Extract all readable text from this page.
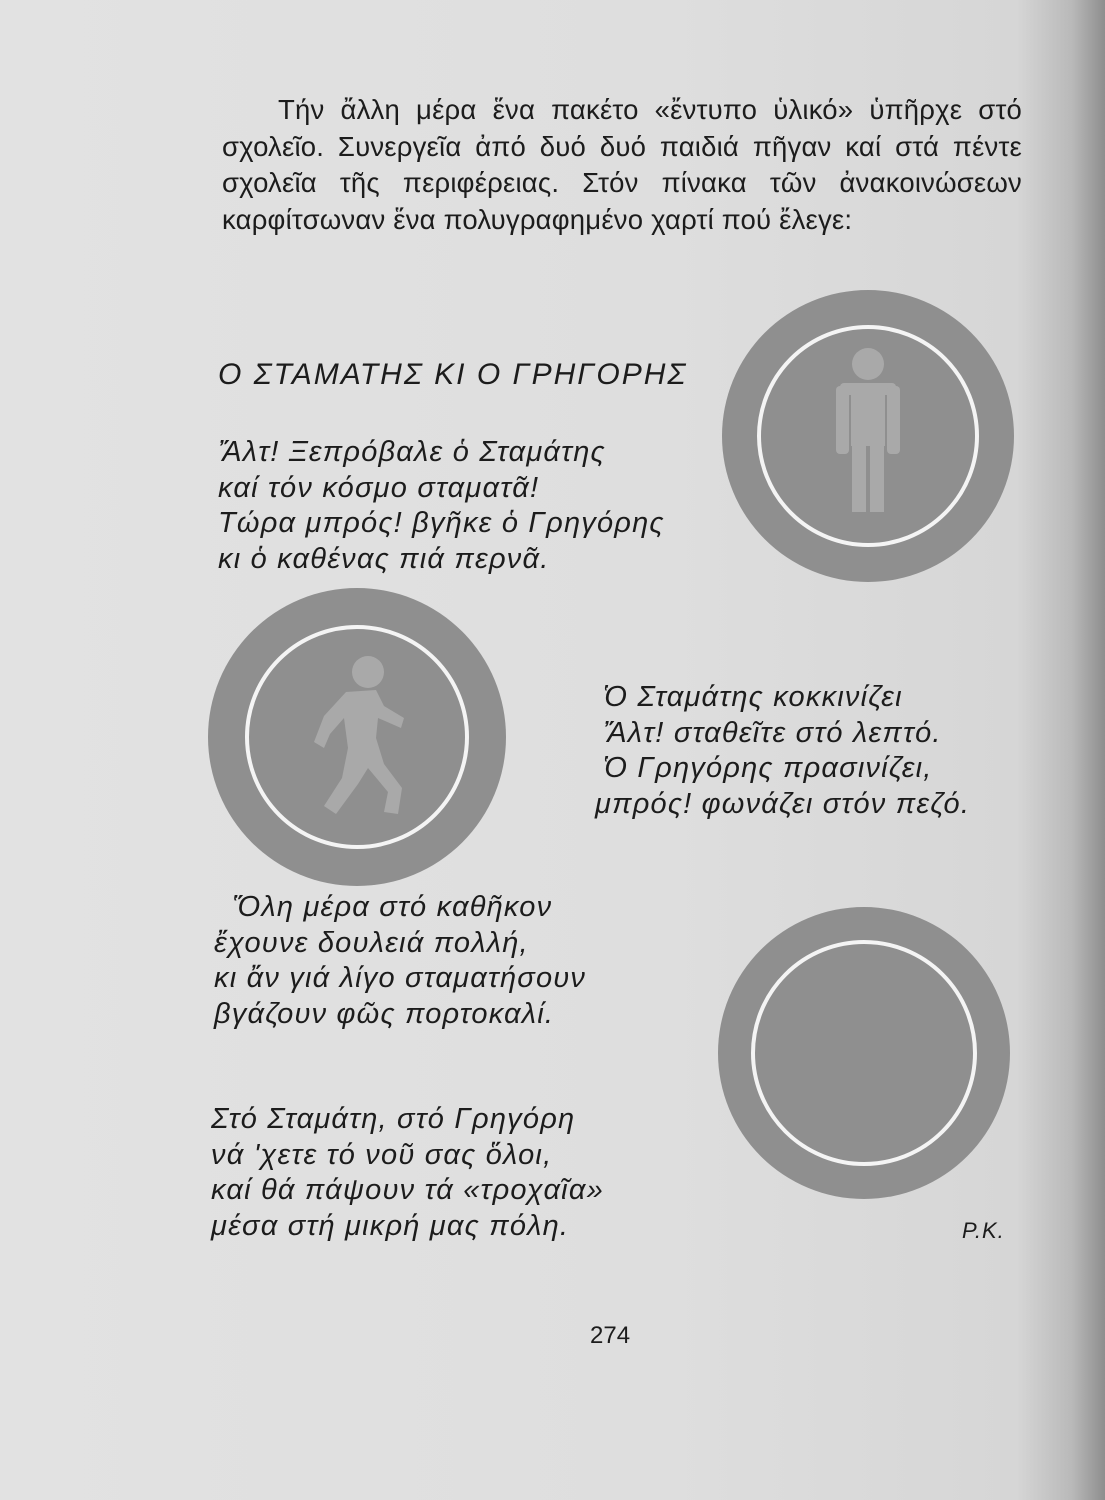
Τήν ἄλλη μέρα ἕνα πακέτο «ἔντυπο ὑλικό» ὑπῆρχε στό σχολεῖο. Συνεργεῖα ἀπό δυό δυό παιδιά πῆγαν καί στά πέντε σχολεῖα τῆς περιφέρειας. Στόν πίνακα τῶν ἀνακοινώσεων καρφίτσωναν ἕνα πολυγραφημένο χαρτί πού ἔλεγε:

Ο ΣΤΑΜΑΤΗΣ ΚΙ Ο ΓΡΗΓΟΡΗΣ
Ἄλτ! Ξεπρόβαλε ὁ Σταμάτης
καί τόν κόσμο σταματᾶ!
Τώρα μπρός! βγῆκε ὁ Γρηγόρης
κι ὁ καθένας πιά περνᾶ.
Ὁ Σταμάτης κοκκινίζει
Ἄλτ! σταθεῖτε στό λεπτό.
Ὁ Γρηγόρης πρασινίζει,
μπρός! φωνάζει στόν πεζό.
Ὅλη μέρα στό καθῆκον
ἔχουνε δουλειά πολλή,
κι ἄν γιά λίγο σταματήσουν
βγάζουν φῶς πορτοκαλί.
Στό Σταμάτη, στό Γρηγόρη
νά 'χετε τό νοῦ σας ὅλοι,
καί θά πάψουν τά «τροχαῖα»
μέσα στή μικρή μας πόλη.	Ρ.Κ.
274
